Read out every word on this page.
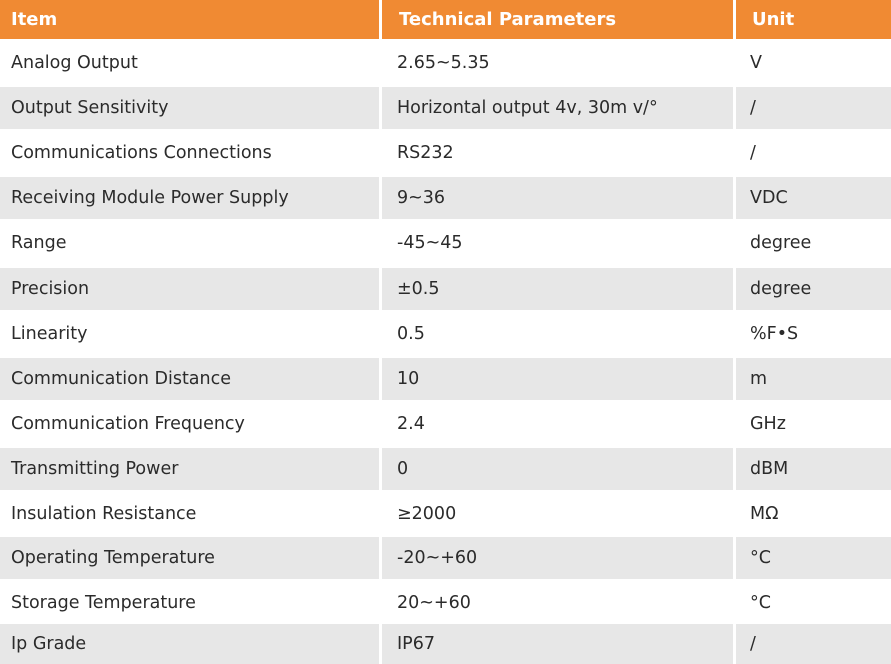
Item	Technical Parameters	Unit
Analog Output	2.65~5.35	V
Output Sensitivity	Horizontal output 4v, 30m v/°	/
Communications Connections	RS232	/
Receiving Module Power Supply	9~36	VDC
Range	-45~45	degree
Precision	±0.5	degree
Linearity	0.5	%F•S
Communication Distance	10	m
Communication Frequency	2.4	GHz
Transmitting Power	0	dBM
Insulation Resistance	≥2000	MΩ
Operating Temperature	-20~+60	°C
Storage Temperature	20~+60	°C
Ip Grade	IP67	/
